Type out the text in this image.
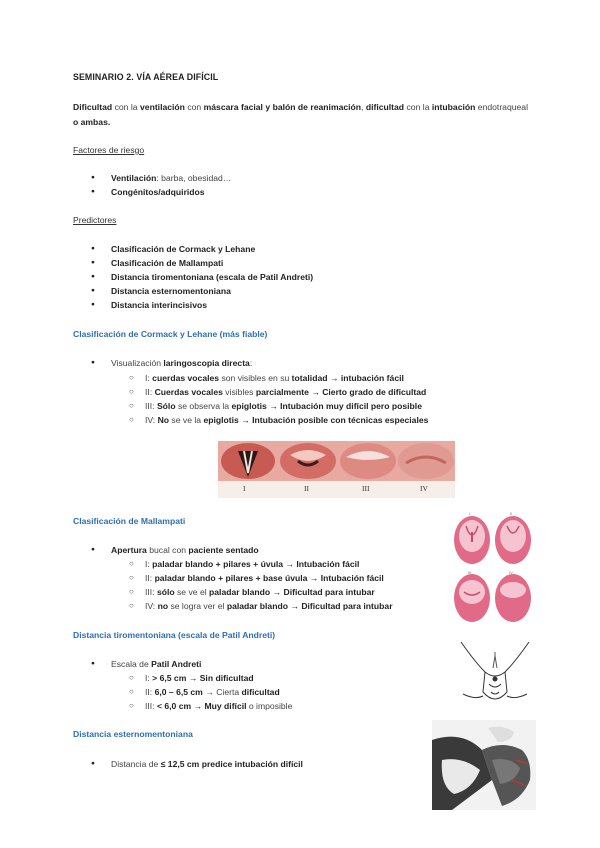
SEMINARIO 2. VÍA AÉREA DIFÍCIL
Dificultad con la ventilación con máscara facial y balón de reanimación, dificultad con la intubación endotraqueal o ambas.
Factores de riesgo
● Ventilación: barba, obesidad…
● Congénitos/adquiridos
Predictores
● Clasificación de Cormack y Lehane
● Clasificación de Mallampati
● Distancia tiromentoniana (escala de Patil Andreti)
● Distancia esternomentoniana
● Distancia interincisivos
Clasificación de Cormack y Lehane (más fiable)
● Visualización laringoscopia directa:
○ I: cuerdas vocales son visibles en su totalidad → intubación fácil
○ II: Cuerdas vocales visibles parcialmente → Cierto grado de dificultad
○ III: Sólo se observa la epiglotis → Intubación muy difícil pero posible
○ IV: No se ve la epiglotis → Intubación posible con técnicas especiales
I	II	III	IV
Clasificación de Mallampati
● Apertura bucal con paciente sentado
○ I: paladar blando + pilares + úvula → Intubación fácil
○ II: paladar blando + pilares + base úvula → Intubación fácil
○ III: sólo se ve el paladar blando → Dificultad para intubar
○ IV: no se logra ver el paladar blando → Dificultad para intubar
I	II
III	IV
Distancia tiromentoniana (escala de Patil Andreti)
● Escala de Patil Andreti
○ I: > 6,5 cm → Sin dificultad
○ II: 6,0 – 6,5 cm → Cierta dificultad
○ III: < 6,0 cm → Muy difícil o imposible
Distancia esternomentoniana
● Distancia de ≤ 12,5 cm predice intubación difícil
